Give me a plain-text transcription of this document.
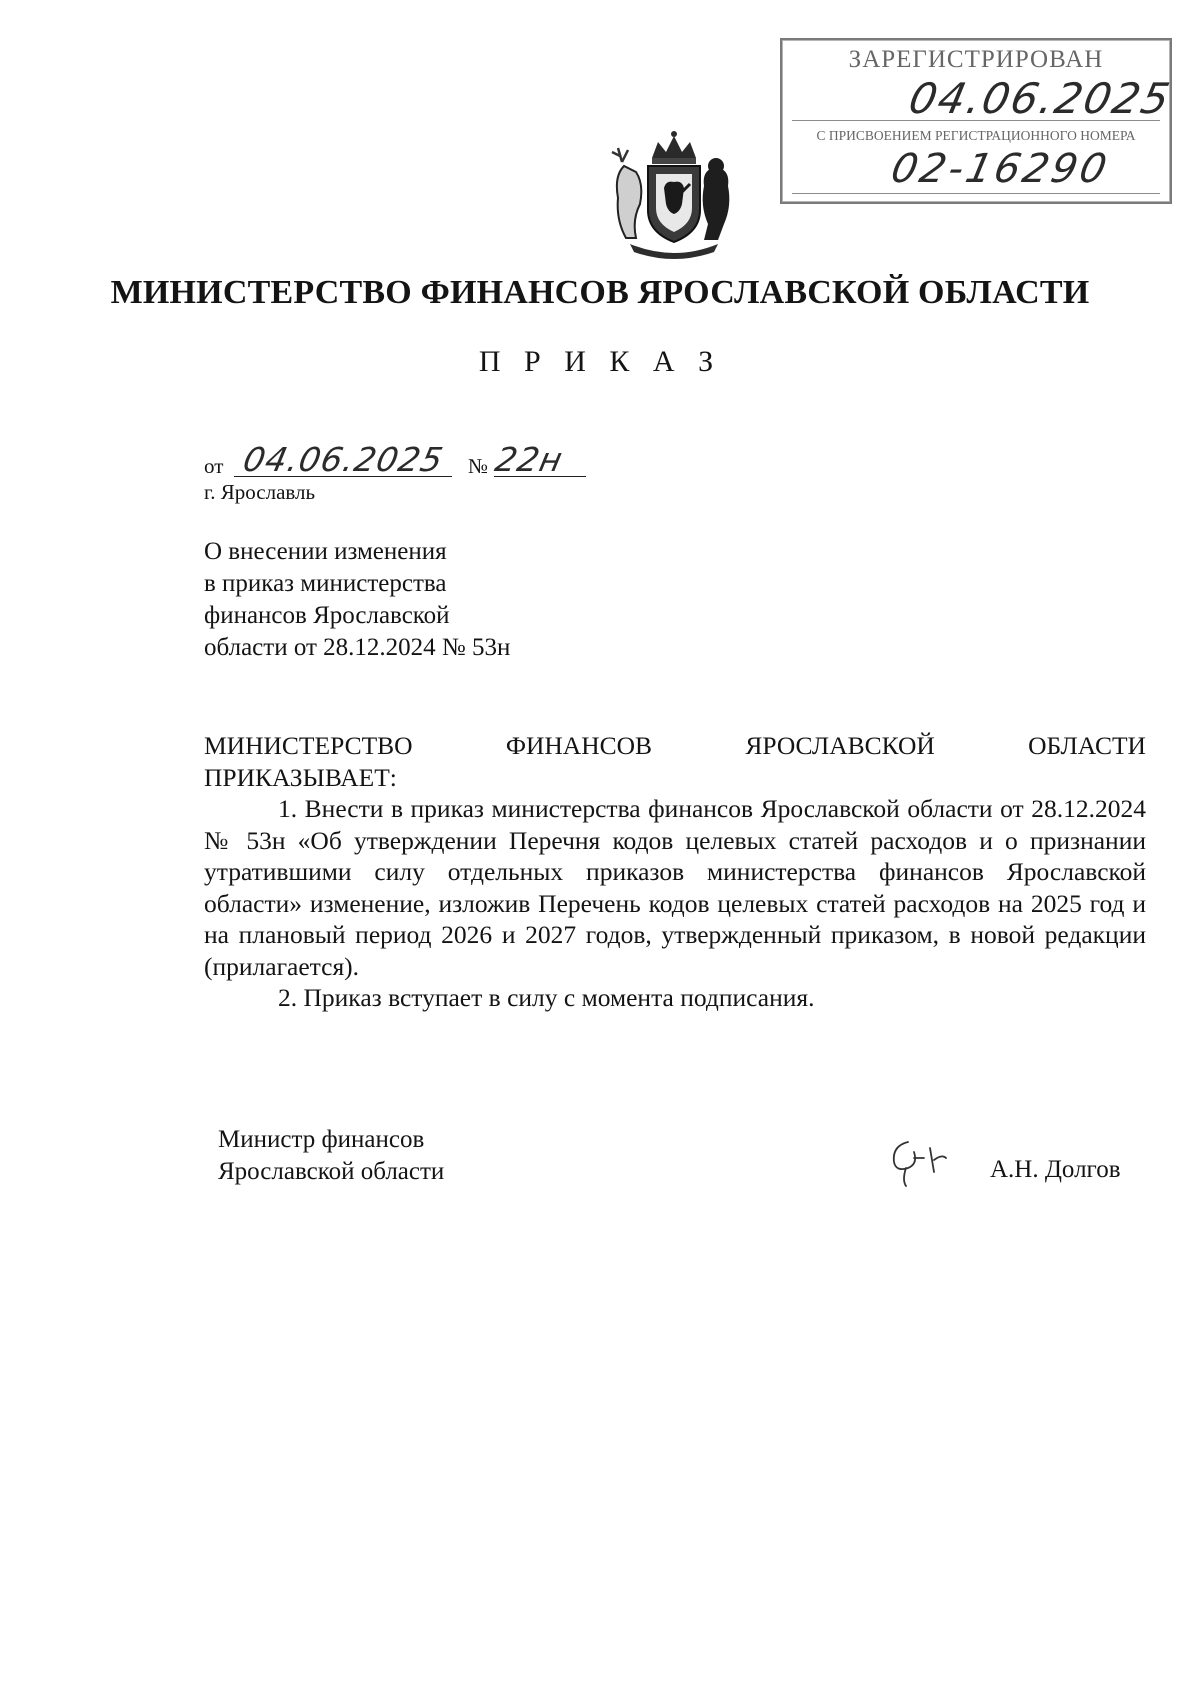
ЗАРЕГИСТРИРОВАН
04.06.2025
С ПРИСВОЕНИЕМ РЕГИСТРАЦИОННОГО НОМЕРА
02-16290
МИНИСТЕРСТВО ФИНАНСОВ ЯРОСЛАВСКОЙ ОБЛАСТИ
П Р И К А З
от 04.06.2025 № 22н
г. Ярославль
О внесении изменения
в приказ министерства
финансов Ярославской
области от 28.12.2024 № 53н
МИНИСТЕРСТВО	ФИНАНСОВ	ЯРОСЛАВСКОЙ	ОБЛАСТИ
ПРИКАЗЫВАЕТ:

1. Внести в приказ министерства финансов Ярославской области от 28.12.2024 № 53н «Об утверждении Перечня кодов целевых статей расходов и о признании утратившими силу отдельных приказов министерства финансов Ярославской области» изменение, изложив Перечень кодов целевых статей расходов на 2025 год и на плановый период 2026 и 2027 годов, утвержденный приказом, в новой редакции (прилагается).

2. Приказ вступает в силу с момента подписания.

Министр финансов
Ярославской области	А.Н. Долгов
